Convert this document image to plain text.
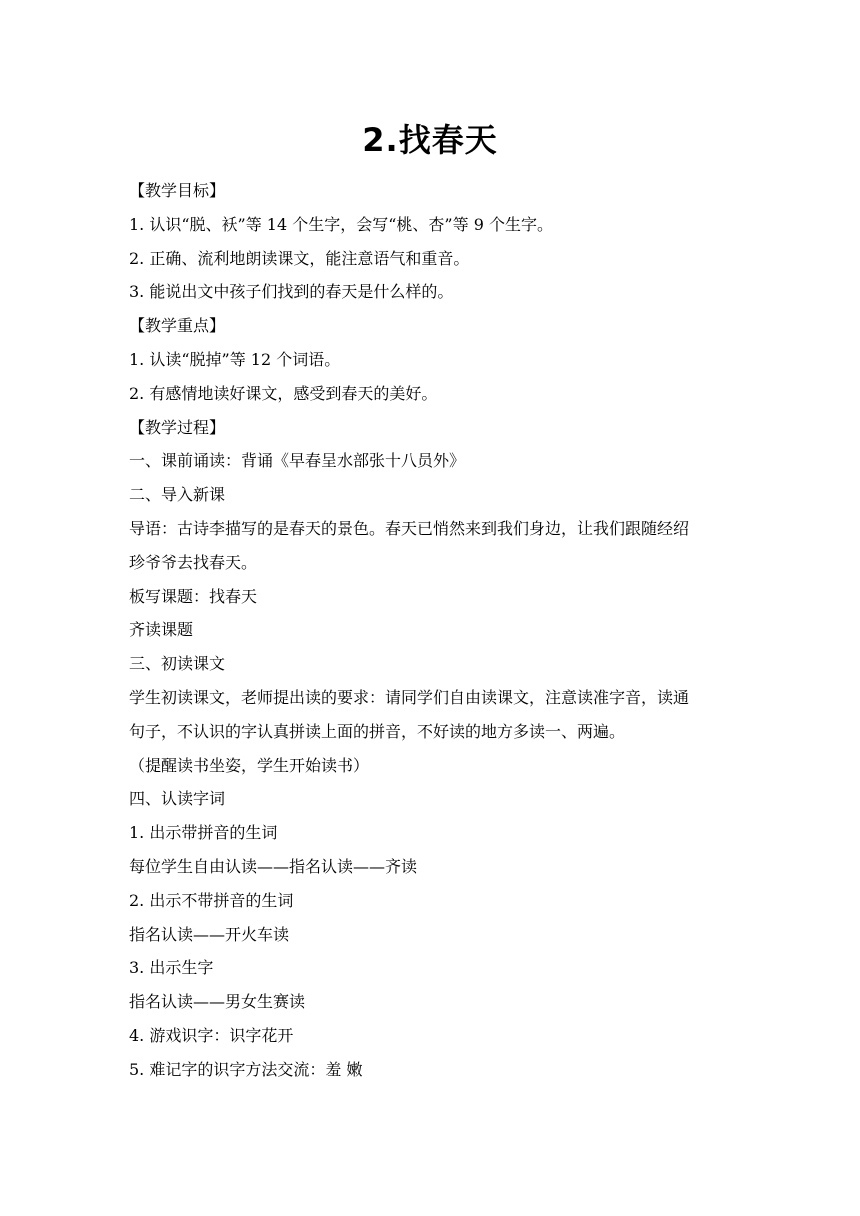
2.找春天
【教学目标】
1. 认识“脱、袄”等 14 个生字，会写“桃、杏”等 9 个生字。
2. 正确、流利地朗读课文，能注意语气和重音。
3. 能说出文中孩子们找到的春天是什么样的。
【教学重点】
1. 认读“脱掉”等 12 个词语。
2. 有感情地读好课文，感受到春天的美好。
【教学过程】
一、课前诵读：背诵《早春呈水部张十八员外》
二、导入新课
导语：古诗李描写的是春天的景色。春天已悄然来到我们身边，让我们跟随经绍
珍爷爷去找春天。
板写课题：找春天
齐读课题
三、初读课文
学生初读课文，老师提出读的要求：请同学们自由读课文，注意读准字音，读通
句子，不认识的字认真拼读上面的拼音，不好读的地方多读一、两遍。
（提醒读书坐姿，学生开始读书）
四、认读字词
1. 出示带拼音的生词
每位学生自由认读——指名认读——齐读
2. 出示不带拼音的生词
指名认读——开火车读
3. 出示生字
指名认读——男女生赛读
4. 游戏识字：识字花开
5. 难记字的识字方法交流：羞 嫩
